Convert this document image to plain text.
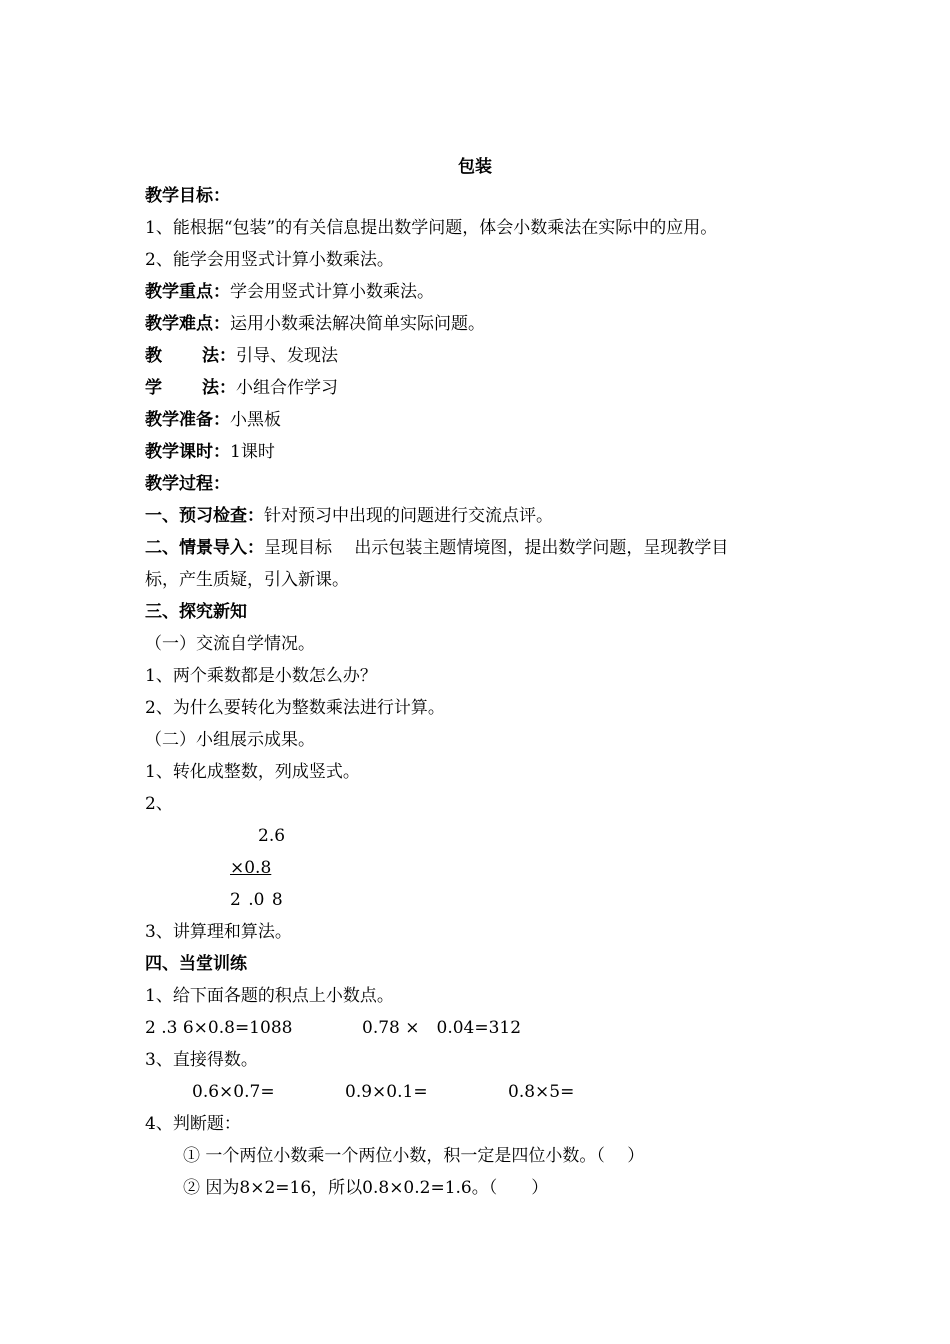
包装
教学目标：
1、能根据“包装”的有关信息提出数学问题，体会小数乘法在实际中的应用。
2、能学会用竖式计算小数乘法。
教学重点：学会用竖式计算小数乘法。
教学难点：运用小数乘法解决简单实际问题。
教 法：引导、发现法
学 法：小组合作学习
教学准备：小黑板
教学课时：1课时
教学过程：
一、预习检查：针对预习中出现的问题进行交流点评。
二、情景导入：呈现目标　 出示包装主题情境图，提出数学问题，呈现教学目
标，产生质疑，引入新课。
三、探究新知
（一）交流自学情况。
1、两个乘数都是小数怎么办？
2、为什么要转化为整数乘法进行计算。
（二）小组展示成果。
1、转化成整数，列成竖式。
2、
2.6
×0.8
2 .0 8
3、讲算理和算法。
四、当堂训练
1、给下面各题的积点上小数点。
2 .3 6×0.8=1088	0.78 ×　0.04=312
3、直接得数。
0.6×0.7=	0.9×0.1=	0.8×5=
4、判断题：
① 一个两位小数乘一个两位小数，积一定是四位小数。（　 ）
② 因为8×2=16，所以0.8×0.2=1.6。（　　）
